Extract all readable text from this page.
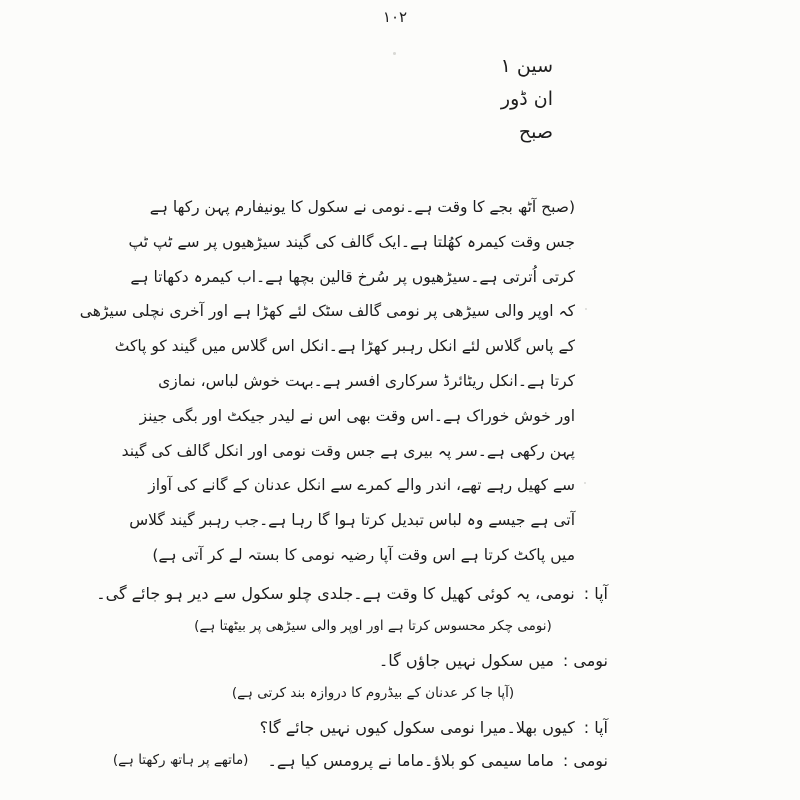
۱۰۲
سین ۱
ان ڈور
صبح
(صبح آٹھ بجے کا وقت ہے۔نومی نے سکول کا یونیفارم پہن رکھا ہے
جس وقت کیمرہ کھُلتا ہے۔ایک گالف کی گیند سیڑھیوں پر سے ٹپ ٹپ
کرتی اُترتی ہے۔سیڑھیوں پر سُرخ قالین بچھا ہے۔اب کیمرہ دکھاتا ہے
کہ اوپر والی سیڑھی پر نومی گالف سٹک لئے کھڑا ہے اور آخری نچلی سیڑھی
کے پاس گلاس لئے انکل رہبر کھڑا ہے۔انکل اس گلاس میں گیند کو پاکٹ
کرتا ہے۔انکل ریٹائرڈ سرکاری افسر ہے۔بہت خوش لباس، نمازی
اور خوش خوراک ہے۔اس وقت بھی اس نے لیدر جیکٹ اور بگی جینز
پہن رکھی ہے۔سر پہ بیری ہے جس وقت نومی اور انکل گالف کی گیند
سے کھیل رہے تھے، اندر والے کمرے سے انکل عدنان کے گانے کی آواز
آتی ہے جیسے وہ لباس تبدیل کرتا ہوا گا رہا ہے۔جب رہبر گیند گلاس
میں پاکٹ کرتا ہے اس وقت آپا رضیہ نومی کا بستہ لے کر آتی ہے)
آپا :
نومی، یہ کوئی کھیل کا وقت ہے۔جلدی چلو سکول سے دیر ہو جائے گی۔
(نومی چکر محسوس کرتا ہے اور اوپر والی سیڑھی پر بیٹھتا ہے)
نومی :
میں سکول نہیں جاؤں گا۔
(آپا جا کر عدنان کے بیڈروم کا دروازہ بند کرتی ہے)
آپا :
کیوں بھلا۔میرا نومی سکول کیوں نہیں جائے گا؟
نومی :
ماما سیمی کو بلاؤ۔ماما نے پرومس کیا ہے۔
(ماتھے پر ہاتھ رکھتا ہے)
